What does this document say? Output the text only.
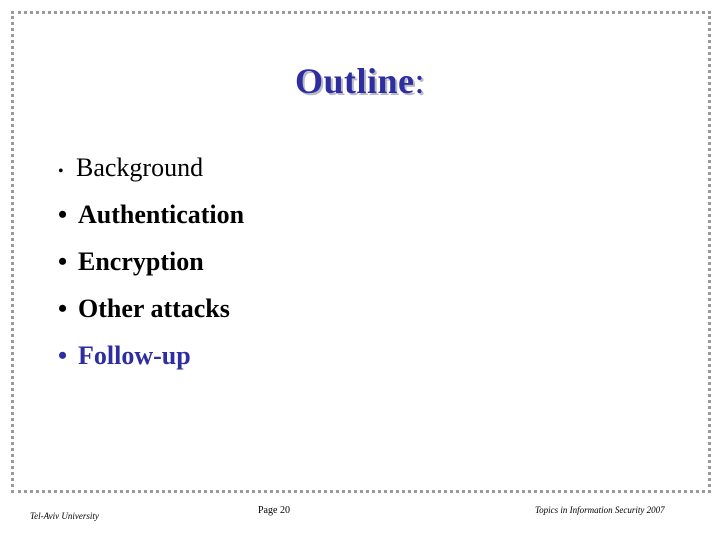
Outline:
• Background
• Authentication
• Encryption
• Other attacks
• Follow-up
Tel-Aviv University	Page 20	Topics in Information Security 2007
